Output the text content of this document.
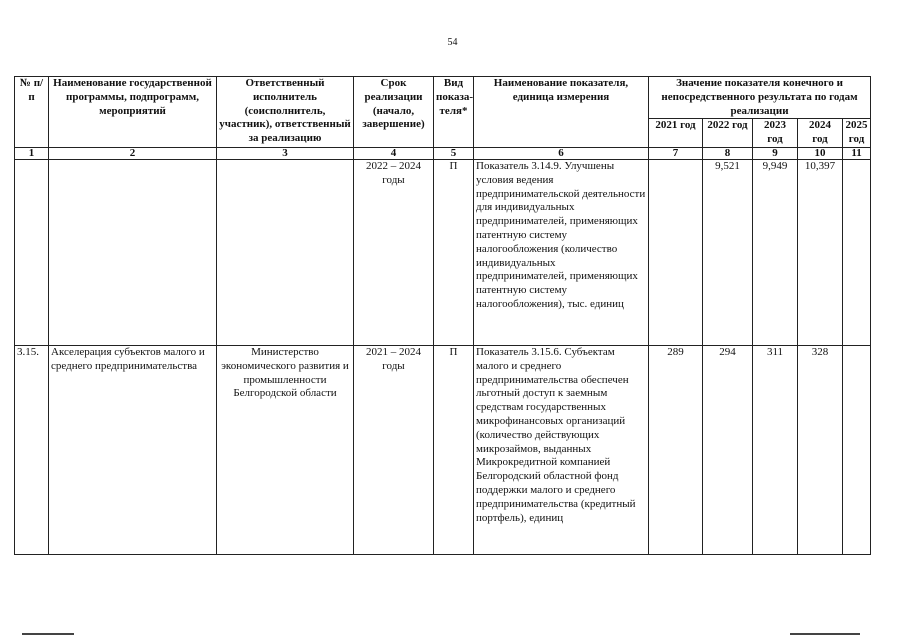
54
№ п/п	Наименование государственной программы, подпрограмм, мероприятий	Ответственный исполнитель (соисполнитель, участник), ответственный за реализацию	Срок реализации (начало, завершение)	Вид показа-теля*	Наименование показателя, единица измерения	Значение показателя конечного и непосредственного результата по годам реализации				
						2021 год	2022 год	2023 год	2024 год	2025 год
1	2	3	4	5	6	7	8	9	10	11
			2022 – 2024 годы	П	Показатель 3.14.9. Улучшены условия ведения предпринимательской деятельности для индивидуальных предпринимателей, применяющих патентную систему налогообложения (количество индивидуальных предпринимателей, применяющих патентную систему налогообложения), тыс. единиц		9,521	9,949	10,397	
3.15.	Акселерация субъектов малого и среднего предпринимательства	Министерство экономического развития и промышленности Белгородской области	2021 – 2024 годы	П	Показатель 3.15.6. Субъектам малого и среднего предпринимательства обеспечен льготный доступ к заемным средствам государственных микрофинансовых организаций (количество действующих микрозаймов, выданных Микрокредитной компанией Белгородский областной фонд поддержки малого и среднего предпринимательства (кредитный портфель), единиц	289	294	311	328	
